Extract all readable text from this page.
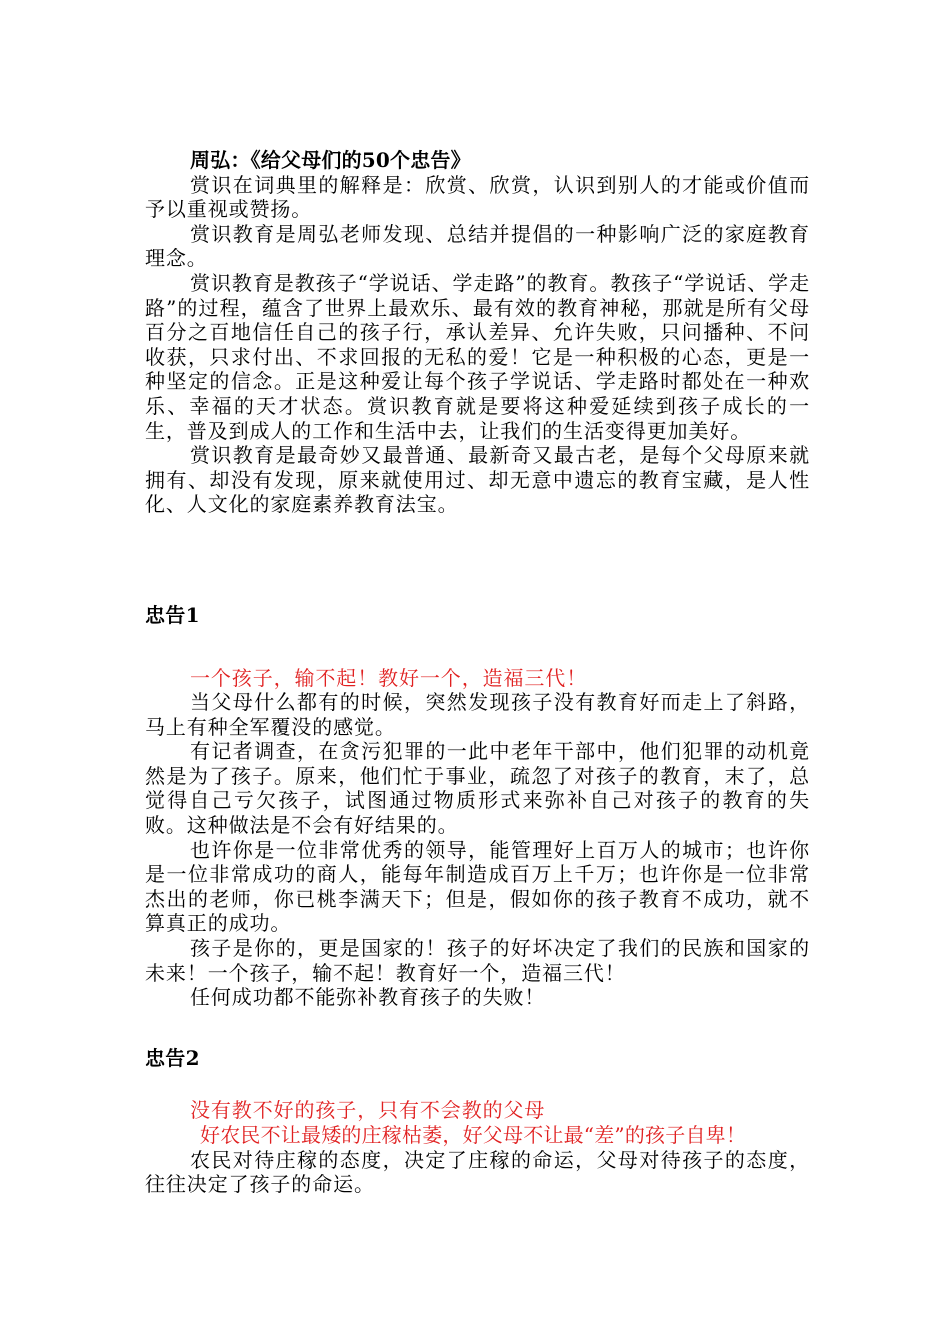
周弘：《给父母们的50个忠告》

赏识在词典里的解释是：欣赏、欣赏，认识到别人的才能或价值而予以重视或赞扬。

赏识教育是周弘老师发现、总结并提倡的一种影响广泛的家庭教育理念。

赏识教育是教孩子“学说话、学走路”的教育。教孩子“学说话、学走路”的过程，蕴含了世界上最欢乐、最有效的教育神秘，那就是所有父母百分之百地信任自己的孩子行，承认差异、允许失败，只问播种、不问收获，只求付出、不求回报的无私的爱！它是一种积极的心态，更是一种坚定的信念。正是这种爱让每个孩子学说话、学走路时都处在一种欢乐、幸福的天才状态。赏识教育就是要将这种爱延续到孩子成长的一生，普及到成人的工作和生活中去，让我们的生活变得更加美好。

赏识教育是最奇妙又最普通、最新奇又最古老，是每个父母原来就拥有、却没有发现，原来就使用过、却无意中遗忘的教育宝藏，是人性化、人文化的家庭素养教育法宝。

忠告1

一个孩子，输不起！教好一个，造福三代！

当父母什么都有的时候，突然发现孩子没有教育好而走上了斜路，马上有种全军覆没的感觉。

有记者调查，在贪污犯罪的一此中老年干部中，他们犯罪的动机竟然是为了孩子。原来，他们忙于事业，疏忽了对孩子的教育，末了，总觉得自己亏欠孩子，试图通过物质形式来弥补自己对孩子的教育的失败。这种做法是不会有好结果的。

也许你是一位非常优秀的领导，能管理好上百万人的城市；也许你是一位非常成功的商人，能每年制造成百万上千万；也许你是一位非常杰出的老师，你已桃李满天下；但是，假如你的孩子教育不成功，就不算真正的成功。

孩子是你的，更是国家的！孩子的好坏决定了我们的民族和国家的未来！一个孩子，输不起！教育好一个，造福三代！

任何成功都不能弥补教育孩子的失败！

忠告2

没有教不好的孩子，只有不会教的父母

好农民不让最矮的庄稼枯萎，好父母不让最“差”的孩子自卑！

农民对待庄稼的态度，决定了庄稼的命运，父母对待孩子的态度，往往决定了孩子的命运。
